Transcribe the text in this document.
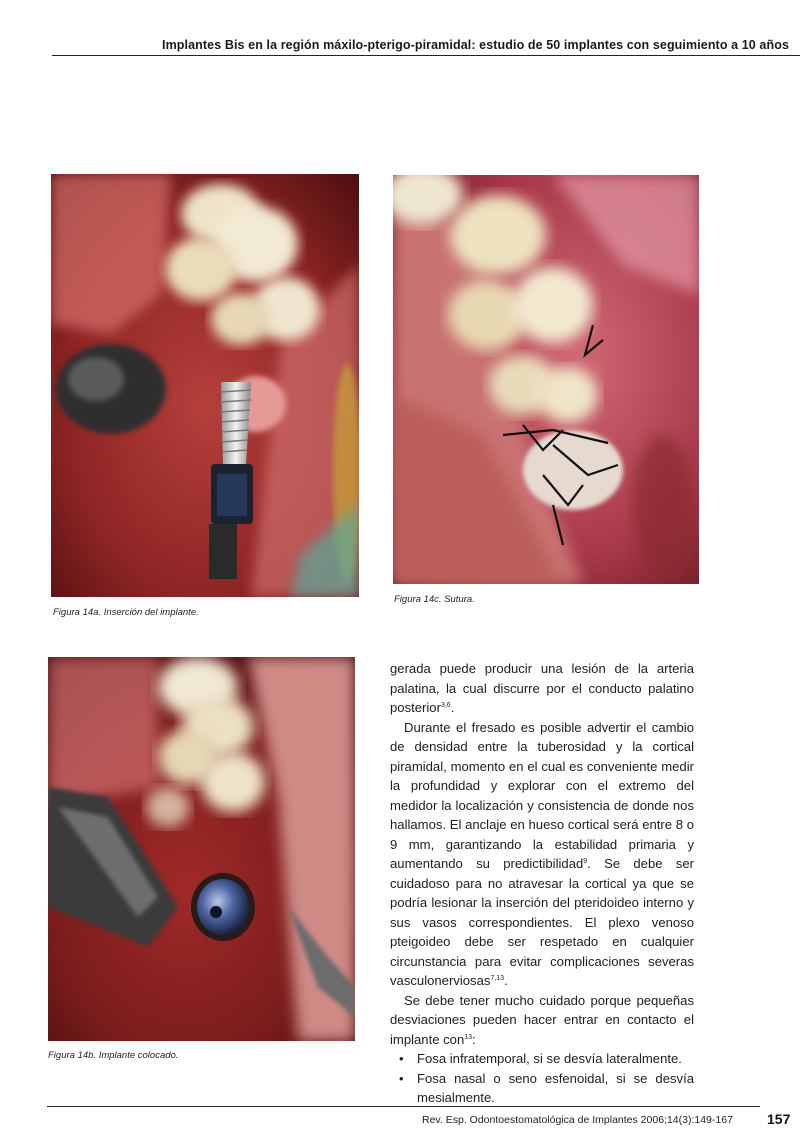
Implantes Bis en la región máxilo-pterigo-piramidal: estudio de 50 implantes con seguimiento a 10 años
Figura 14a. Inserción del implante.
Figura 14c. Sutura.
Figura 14b. Implante colocado.

gerada puede producir una lesión de la arteria palatina, la cual discurre por el conducto palatino posterior$^{3,6}$.

Durante el fresado es posible advertir el cambio de densidad entre la tuberosidad y la cortical piramidal, momento en el cual es conveniente medir la profundidad y explorar con el extremo del medidor la localización y consistencia de donde nos hallamos. El anclaje en hueso cortical será entre 8 o 9 mm, garantizando la estabilidad primaria y aumentando su predictibilidad$^9$. Se debe ser cuidadoso para no atravesar la cortical ya que se podría lesionar la inserción del pteridoideo interno y sus vasos correspondientes. El plexo venoso pteigoideo debe ser respetado en cualquier circunstancia para evitar complicaciones severas vasculonerviosas$^{7,13}$.

Se debe tener mucho cuidado porque pequeñas desviaciones pueden hacer entrar en contacto el implante con$^{13}$:

• Fosa infratemporal, si se desvía lateralmente.
• Fosa nasal o seno esfenoidal, si se desvía mesialmente.
Rev. Esp. Odontoestomatológica de Implantes 2006;14(3):149-167 157
